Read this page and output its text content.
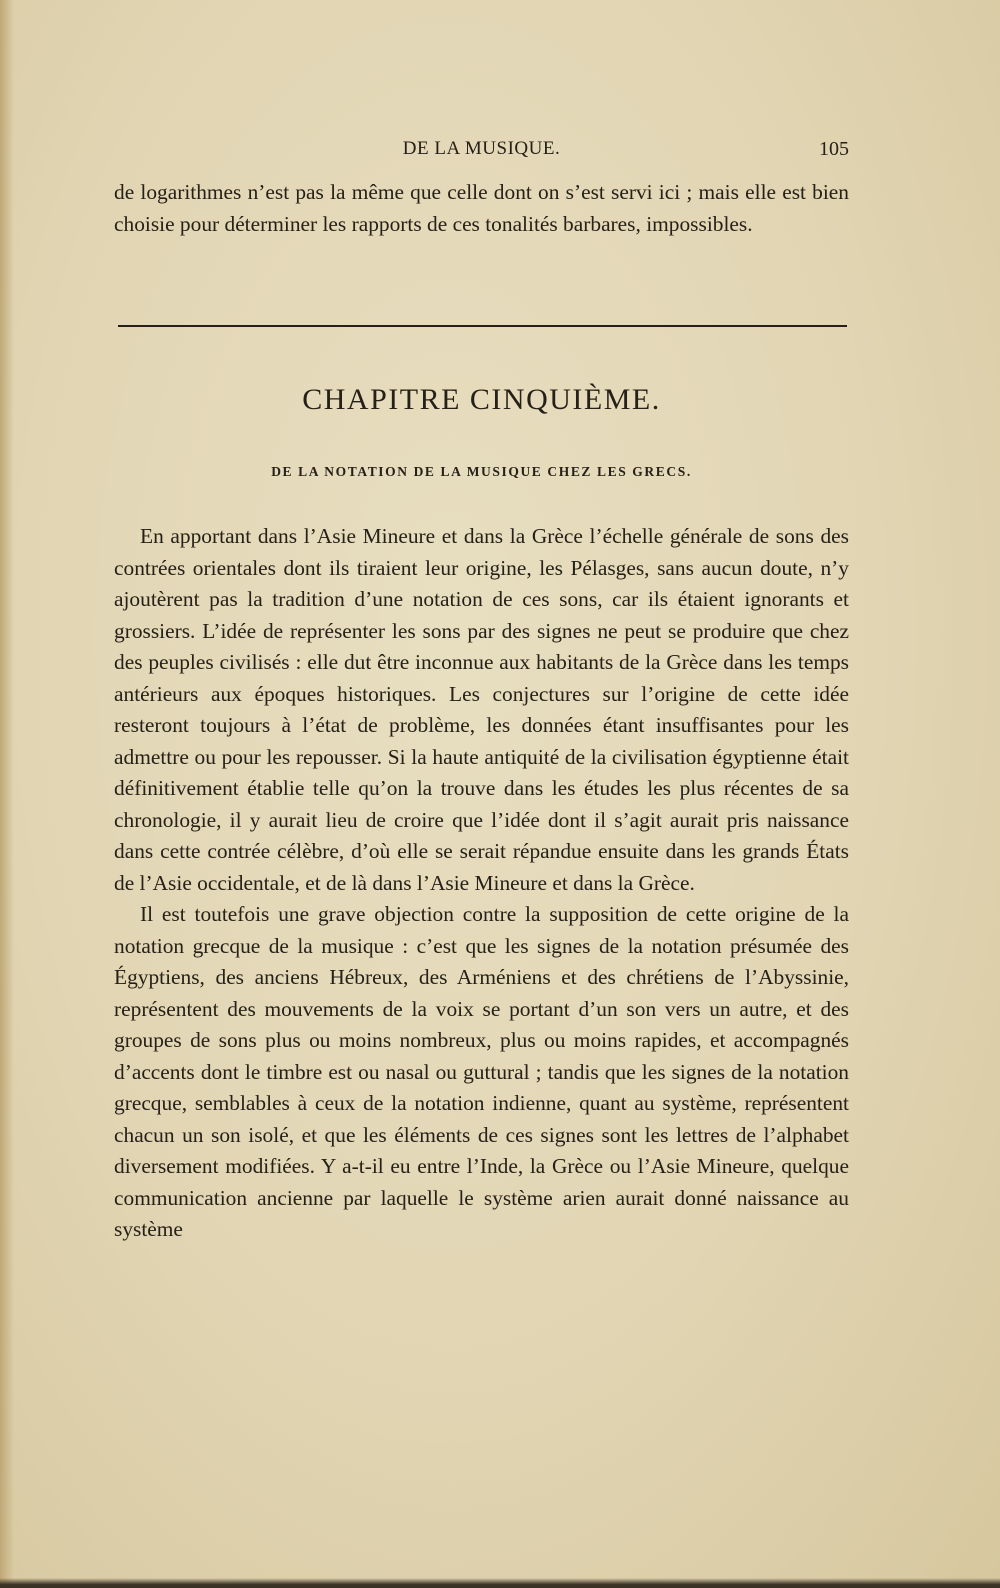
DE LA MUSIQUE.	105

de logarithmes n’est pas la même que celle dont on s’est servi ici ; mais elle est bien choisie pour déterminer les rapports de ces tonalités barbares, impossibles.

CHAPITRE CINQUIÈME.
DE LA NOTATION DE LA MUSIQUE CHEZ LES GRECS.

En apportant dans l’Asie Mineure et dans la Grèce l’échelle générale de sons des contrées orientales dont ils tiraient leur origine, les Pélasges, sans aucun doute, n’y ajoutèrent pas la tradition d’une notation de ces sons, car ils étaient ignorants et grossiers. L’idée de représenter les sons par des signes ne peut se produire que chez des peuples civilisés : elle dut être inconnue aux habitants de la Grèce dans les temps antérieurs aux époques historiques. Les conjectures sur l’origine de cette idée resteront toujours à l’état de problème, les données étant insuffisantes pour les admettre ou pour les repousser. Si la haute antiquité de la civilisation égyptienne était définitivement établie telle qu’on la trouve dans les études les plus récentes de sa chronologie, il y aurait lieu de croire que l’idée dont il s’agit aurait pris naissance dans cette contrée célèbre, d’où elle se serait répandue ensuite dans les grands États de l’Asie occidentale, et de là dans l’Asie Mineure et dans la Grèce.

Il est toutefois une grave objection contre la supposition de cette origine de la notation grecque de la musique : c’est que les signes de la notation présumée des Égyptiens, des anciens Hébreux, des Arméniens et des chrétiens de l’Abyssinie, représentent des mouvements de la voix se portant d’un son vers un autre, et des groupes de sons plus ou moins nombreux, plus ou moins rapides, et accompagnés d’accents dont le timbre est ou nasal ou guttural ; tandis que les signes de la notation grecque, semblables à ceux de la notation indienne, quant au système, représentent chacun un son isolé, et que les éléments de ces signes sont les lettres de l’alphabet diversement modifiées. Y a-t-il eu entre l’Inde, la Grèce ou l’Asie Mineure, quelque communication ancienne par laquelle le système arien aurait donné naissance au système
